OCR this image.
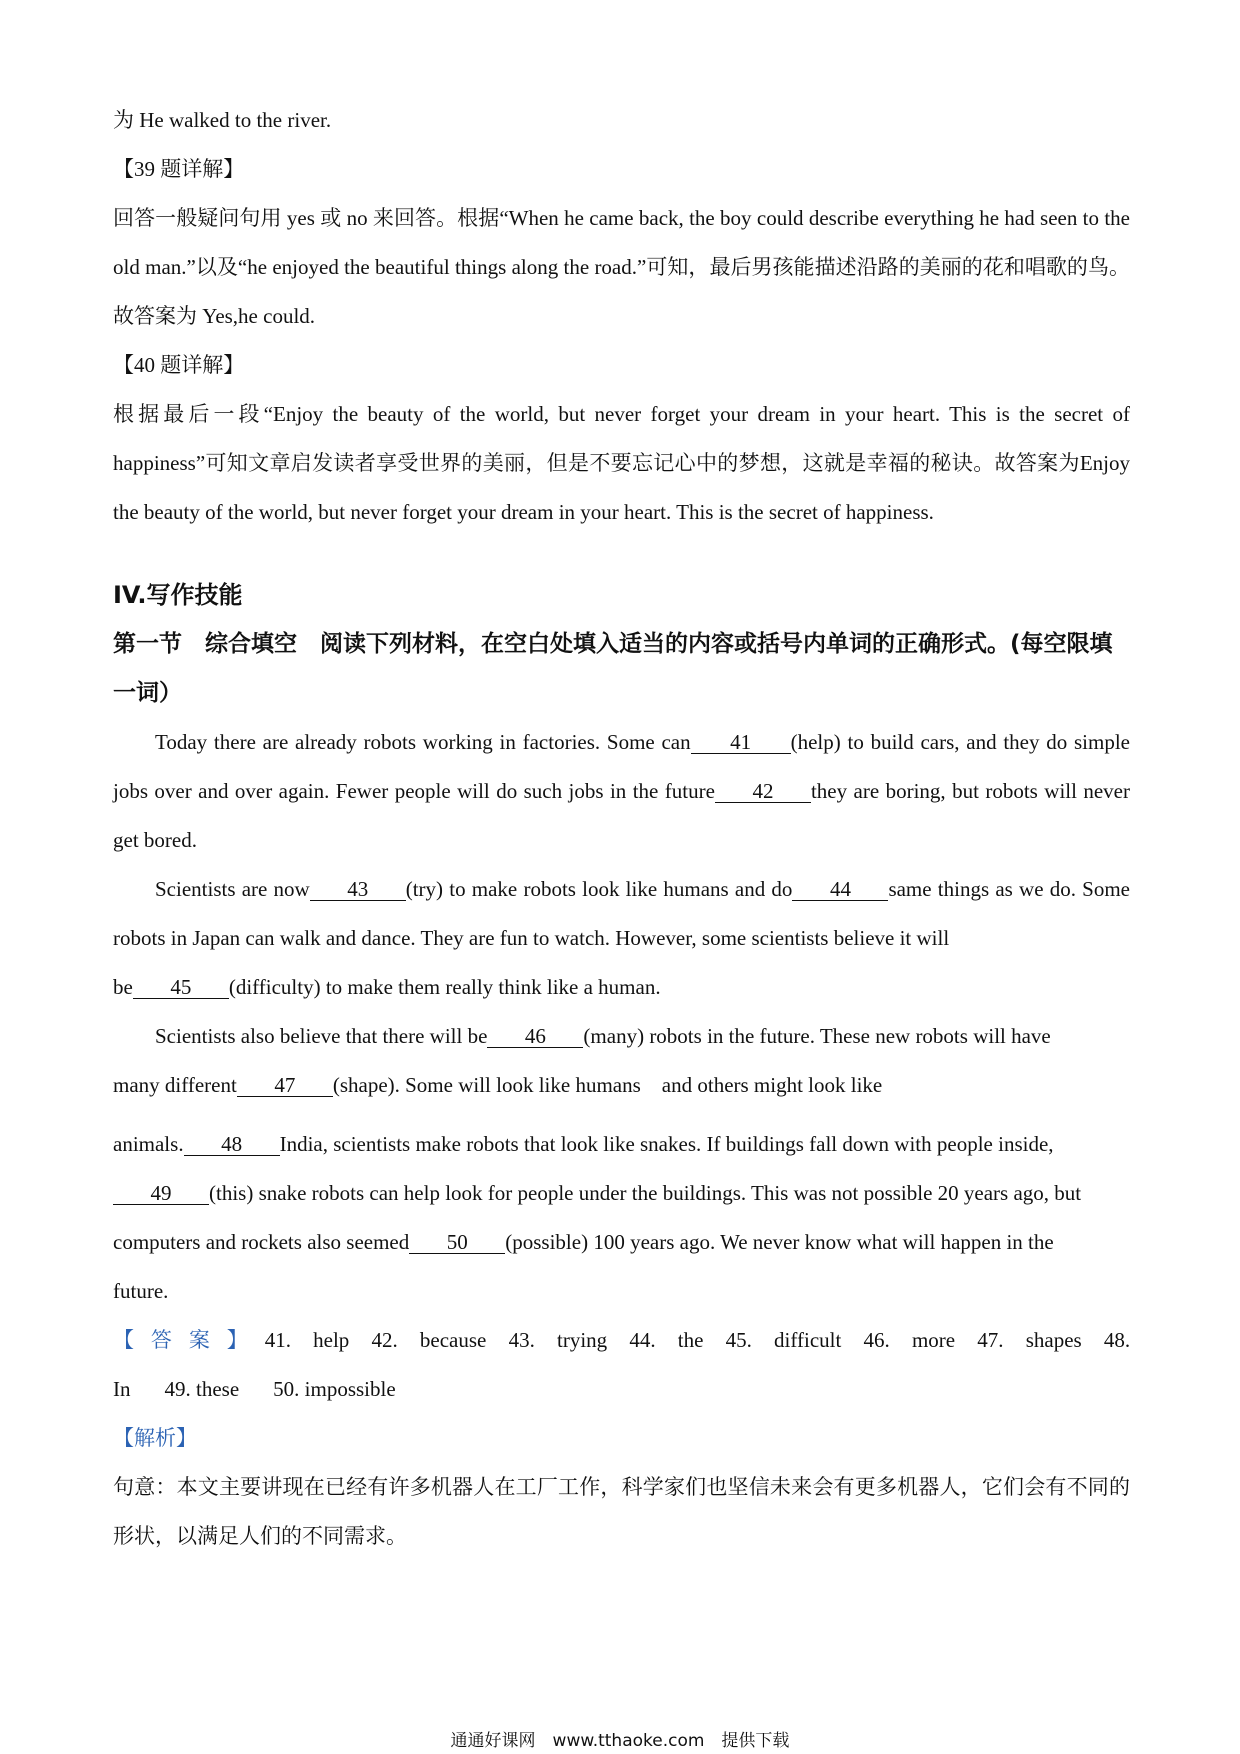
为 He walked to the river.
【39 题详解】
回答一般疑问句用 yes 或 no 来回答。根据“When he came back, the boy could describe everything he had seen to the old man.”以及“he enjoyed the beautiful things along the road.”可知，最后男孩能描述沿路的美丽的花和唱歌的鸟。故答案为 Yes,he could.
【40 题详解】
根据最后一段“Enjoy the beauty of the world, but never forget your dream in your heart. This is the secret of happiness”可知文章启发读者享受世界的美丽，但是不要忘记心中的梦想，这就是幸福的秘诀。故答案为Enjoy the beauty of the world, but never forget your dream in your heart. This is the secret of happiness.
IV.写作技能
第一节　综合填空　阅读下列材料，在空白处填入适当的内容或括号内单词的正确形式。(每空限填一词）
Today there are already robots working in factories. Some can 41 (help) to build cars, and they do simple jobs over and over again. Fewer people will do such jobs in the future 42 they are boring, but robots will never get bored.
Scientists are now 43 (try) to make robots look like humans and do 44 same things as we do. Some robots in Japan can walk and dance. They are fun to watch. However, some scientists believe it will
be 45 (difficulty) to make them really think like a human.
Scientists also believe that there will be 46 (many) robots in the future. These new robots will have
many different 47 (shape). Some will look like humans　and others might look like
animals. 48 India, scientists make robots that look like snakes. If buildings fall down with people inside,
49 (this) snake robots can help look for people under the buildings. This was not possible 20 years ago, but
computers and rockets also seemed 50 (possible) 100 years ago. We never know what will happen in the
future.
【答案】41. help 42. because 43. trying 44. the 45. difficult 46. more 47. shapes 48.
In 49. these 50. impossible
【解析】
句意：本文主要讲现在已经有许多机器人在工厂工作，科学家们也坚信未来会有更多机器人，它们会有不同的形状，以满足人们的不同需求。
通通好课网　www.tthaoke.com　提供下载
